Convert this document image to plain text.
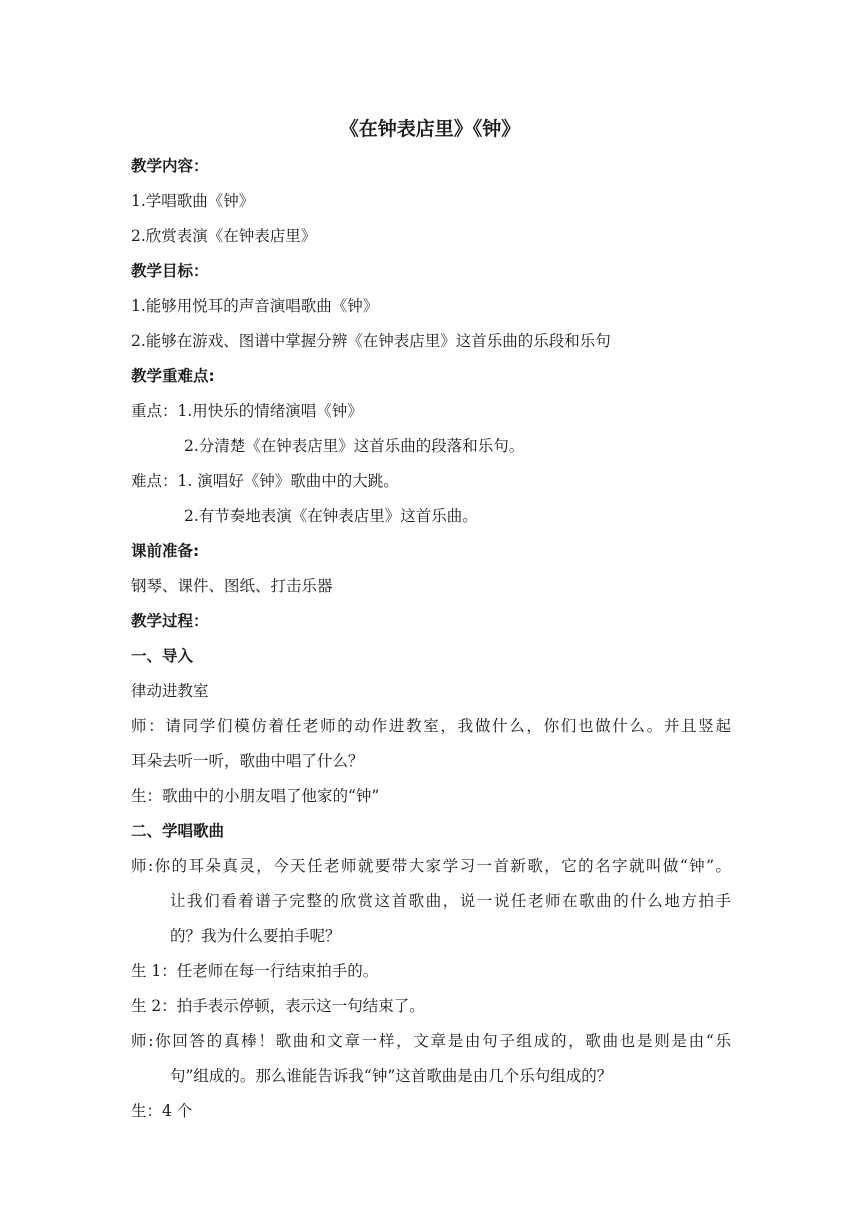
《在钟表店里》《钟》
教学内容：
1.学唱歌曲《钟》
2.欣赏表演《在钟表店里》
教学目标：
1.能够用悦耳的声音演唱歌曲《钟》
2.能够在游戏、图谱中掌握分辨《在钟表店里》这首乐曲的乐段和乐句
教学重难点:
重点：1.用快乐的情绪演唱《钟》
2.分清楚《在钟表店里》这首乐曲的段落和乐句。
难点：1. 演唱好《钟》歌曲中的大跳。
2.有节奏地表演《在钟表店里》这首乐曲。
课前准备:
钢琴、课件、图纸、打击乐器
教学过程：
一、导入
律动进教室
师：请同学们模仿着任老师的动作进教室，我做什么，你们也做什么。并且竖起
耳朵去听一听，歌曲中唱了什么？
生：歌曲中的小朋友唱了他家的“钟”
二、学唱歌曲
师:你的耳朵真灵，今天任老师就要带大家学习一首新歌，它的名字就叫做“钟”。
让我们看着谱子完整的欣赏这首歌曲，说一说任老师在歌曲的什么地方拍手
的？我为什么要拍手呢？
生 1：任老师在每一行结束拍手的。
生 2：拍手表示停顿，表示这一句结束了。
师:你回答的真棒！歌曲和文章一样，文章是由句子组成的，歌曲也是则是由“乐
句”组成的。那么谁能告诉我“钟”这首歌曲是由几个乐句组成的？
生：4 个
